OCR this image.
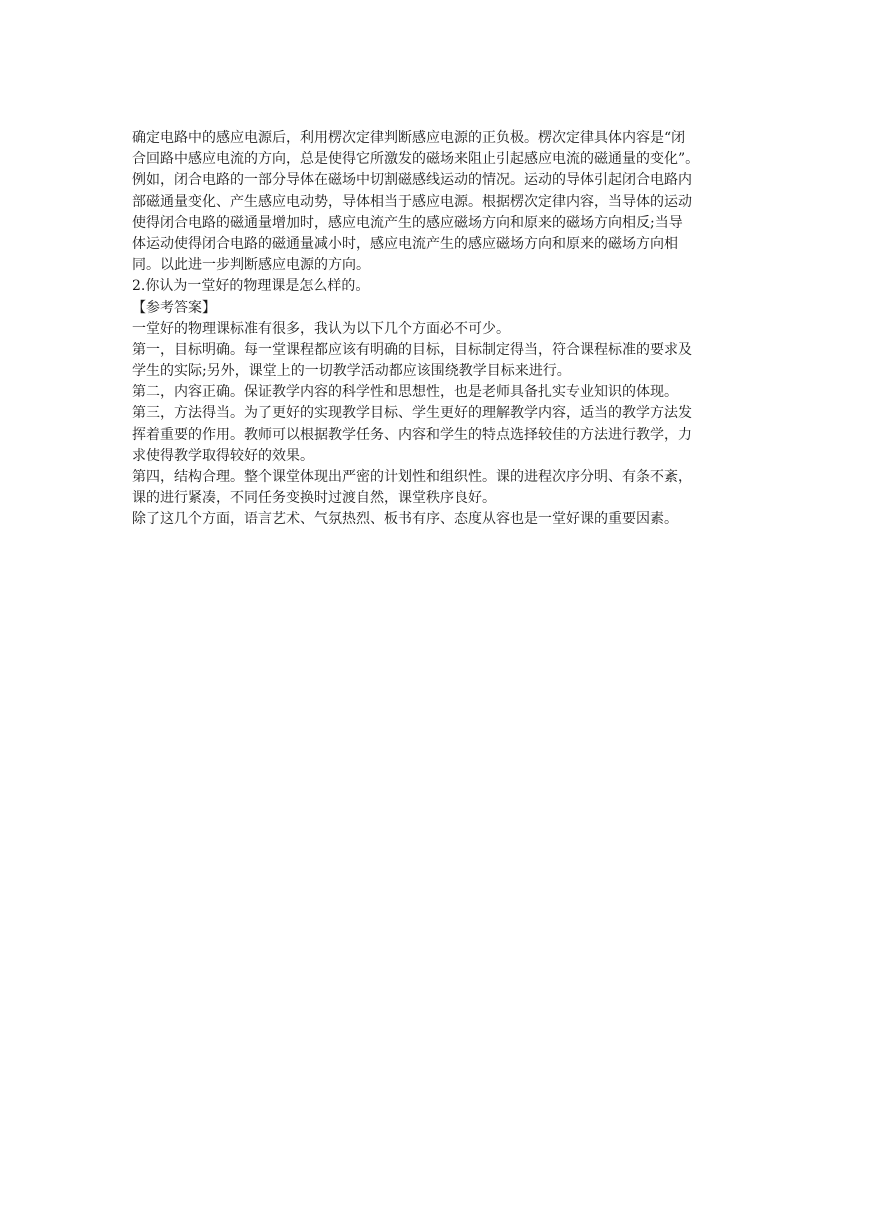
确定电路中的感应电源后，利用楞次定律判断感应电源的正负极。楞次定律具体内容是“闭
合回路中感应电流的方向，总是使得它所激发的磁场来阻止引起感应电流的磁通量的变化”。
例如，闭合电路的一部分导体在磁场中切割磁感线运动的情况。运动的导体引起闭合电路内
部磁通量变化、产生感应电动势，导体相当于感应电源。根据楞次定律内容，当导体的运动
使得闭合电路的磁通量增加时，感应电流产生的感应磁场方向和原来的磁场方向相反;当导
体运动使得闭合电路的磁通量减小时，感应电流产生的感应磁场方向和原来的磁场方向相
同。以此进一步判断感应电源的方向。
2.你认为一堂好的物理课是怎么样的。
【参考答案】
一堂好的物理课标准有很多，我认为以下几个方面必不可少。
第一，目标明确。每一堂课程都应该有明确的目标，目标制定得当，符合课程标准的要求及
学生的实际;另外，课堂上的一切教学活动都应该围绕教学目标来进行。
第二，内容正确。保证教学内容的科学性和思想性，也是老师具备扎实专业知识的体现。
第三，方法得当。为了更好的实现教学目标、学生更好的理解教学内容，适当的教学方法发
挥着重要的作用。教师可以根据教学任务、内容和学生的特点选择较佳的方法进行教学，力
求使得教学取得较好的效果。
第四，结构合理。整个课堂体现出严密的计划性和组织性。课的进程次序分明、有条不紊，
课的进行紧凑，不同任务变换时过渡自然，课堂秩序良好。
除了这几个方面，语言艺术、气氛热烈、板书有序、态度从容也是一堂好课的重要因素。
